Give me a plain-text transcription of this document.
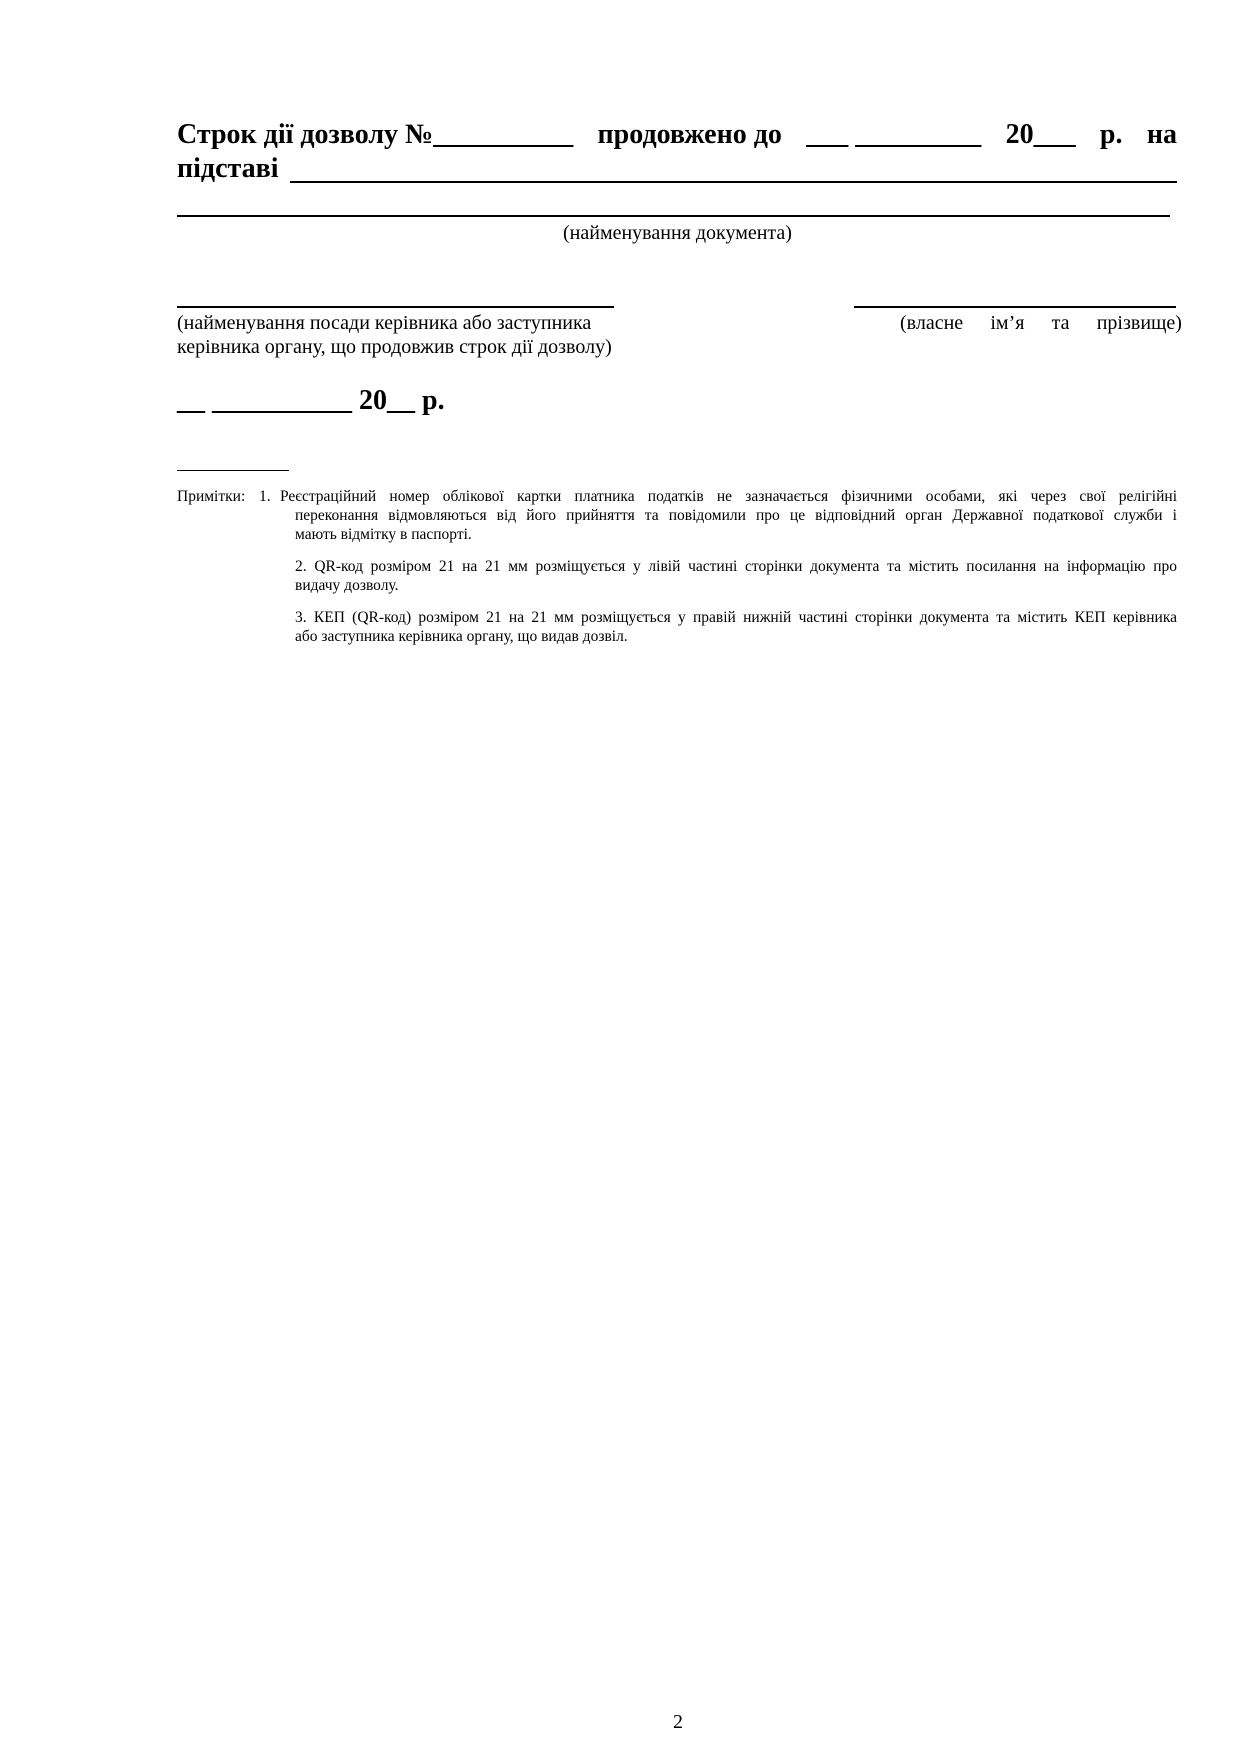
Строк дії дозволу №__________ продовжено до ___ _________ 20___ р. на
підставі
(найменування документа)
(найменування посади керівника або заступника
керівника органу, що продовжив строк дії дозволу)
(власне ім’я та прізвище)
__ __________ 20__ р.
Примітки: 1. Реєстраційний номер облікової картки платника податків не зазначається фізичними особами, які через свої релігійні
переконання відмовляються від його прийняття та повідомили про це відповідний орган Державної податкової служби і
мають відмітку в паспорті.
2. QR-код розміром 21 на 21 мм розміщується у лівій частині сторінки документа та містить посилання на інформацію про
видачу дозволу.
3. КЕП (QR-код) розміром 21 на 21 мм розміщується у правій нижній частині сторінки документа та містить КЕП керівника
або заступника керівника органу, що видав дозвіл.
2
